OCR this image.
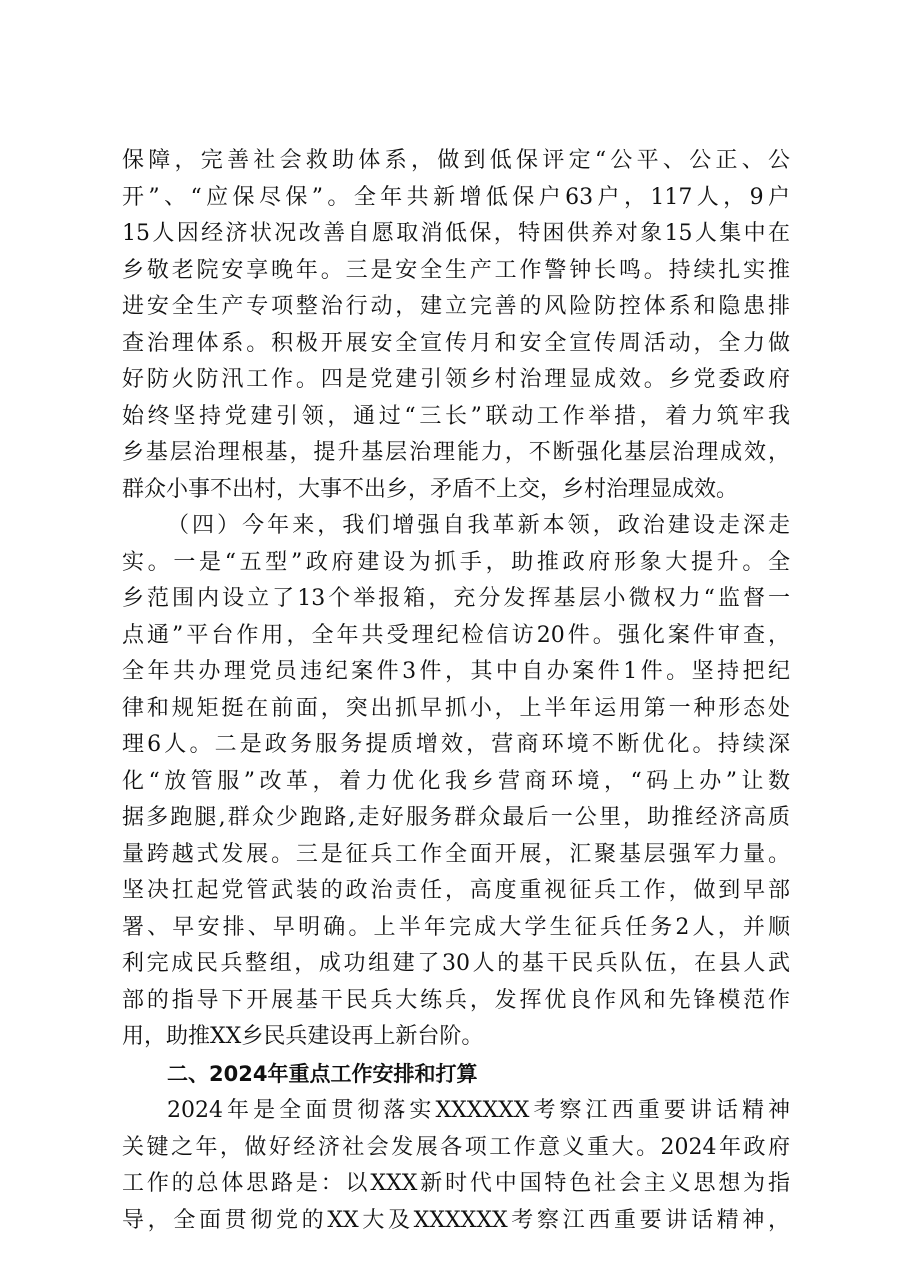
保障，完善社会救助体系，做到低保评定“公平、公正、公
开”、“应保尽保”。全年共新增低保户63户，117人，9户
15人因经济状况改善自愿取消低保，特困供养对象15人集中在
乡敬老院安享晚年。三是安全生产工作警钟长鸣。持续扎实推
进安全生产专项整治行动，建立完善的风险防控体系和隐患排
查治理体系。积极开展安全宣传月和安全宣传周活动，全力做
好防火防汛工作。四是党建引领乡村治理显成效。乡党委政府
始终坚持党建引领，通过“三长”联动工作举措，着力筑牢我
乡基层治理根基，提升基层治理能力，不断强化基层治理成效，
群众小事不出村，大事不出乡，矛盾不上交，乡村治理显成效。
（四）今年来，我们增强自我革新本领，政治建设走深走
实。一是“五型”政府建设为抓手，助推政府形象大提升。全
乡范围内设立了13个举报箱，充分发挥基层小微权力“监督一
点通”平台作用，全年共受理纪检信访20件。强化案件审查，
全年共办理党员违纪案件3件，其中自办案件1件。坚持把纪
律和规矩挺在前面，突出抓早抓小，上半年运用第一种形态处
理6人。二是政务服务提质增效，营商环境不断优化。持续深
化“放管服”改革，着力优化我乡营商环境，“码上办”让数
据多跑腿,群众少跑路,走好服务群众最后一公里，助推经济高质
量跨越式发展。三是征兵工作全面开展，汇聚基层强军力量。
坚决扛起党管武装的政治责任，高度重视征兵工作，做到早部
署、早安排、早明确。上半年完成大学生征兵任务2人，并顺
利完成民兵整组，成功组建了30人的基干民兵队伍，在县人武
部的指导下开展基干民兵大练兵，发挥优良作风和先锋模范作
用，助推XX乡民兵建设再上新台阶。
二、2024年重点工作安排和打算
2024年是全面贯彻落实XXXXXX考察江西重要讲话精神
关键之年，做好经济社会发展各项工作意义重大。2024年政府
工作的总体思路是：以XXX新时代中国特色社会主义思想为指
导，全面贯彻党的XX大及XXXXXX考察江西重要讲话精神，
